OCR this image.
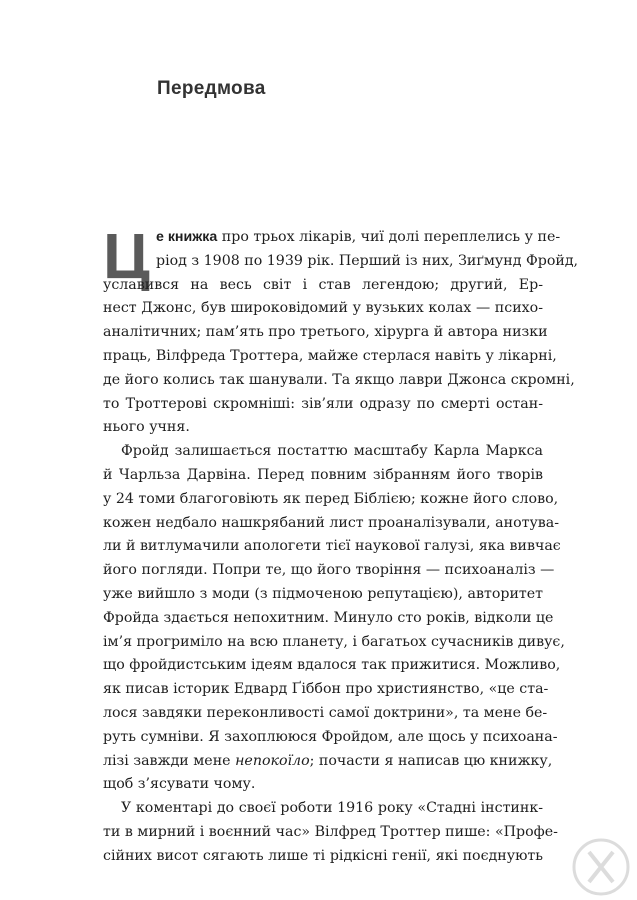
Передмова
Ц е книжка про трьох лікарів, чиї долі переплелись у пе-
ріод з 1908 по 1939 рік. Перший із них, Зиґмунд Фройд,
уславився на весь світ і став легендою; другий, Ер-
нест Джонс, був широковідомий у вузьких колах — психо-
аналітичних; пам’ять про третього, хірурга й автора низки
праць, Вілфреда Троттера, майже стерлася навіть у лікарні,
де його колись так шанували. Та якщо лаври Джонса скромні,
то Троттерові скромніші: зів’яли одразу по смерті остан-
нього учня.
Фройд залишається постаттю масштабу Карла Маркса
й Чарльза Дарвіна. Перед повним зібранням його творів
у 24 томи благоговіють як перед Біблією; кожне його слово,
кожен недбало нашкрябаний лист проаналізували, анотува-
ли й витлумачили апологети тієї наукової галузі, яка вивчає
його погляди. Попри те, що його творіння — психоаналіз —
уже вийшло з моди (з підмоченою репутацією), авторитет
Фройда здається непохитним. Минуло сто років, відколи це
ім’я прогриміло на всю планету, і багатьох сучасників дивує,
що фройдистським ідеям вдалося так прижитися. Можливо,
як писав історик Едвард Ґіббон про християнство, «це ста-
лося завдяки переконливості самої доктрини», та мене бе-
руть сумніви. Я захоплююся Фройдом, але щось у психоана-
лізі завжди мене непокоїло; почасти я написав цю книжку,
щоб з’ясувати чому.
У коментарі до своєї роботи 1916 року «Стадні інстинк-
ти в мирний і воєнний час» Вілфред Троттер пише: «Профе-
сійних висот сягають лише ті рідкісні генії, які поєднують
